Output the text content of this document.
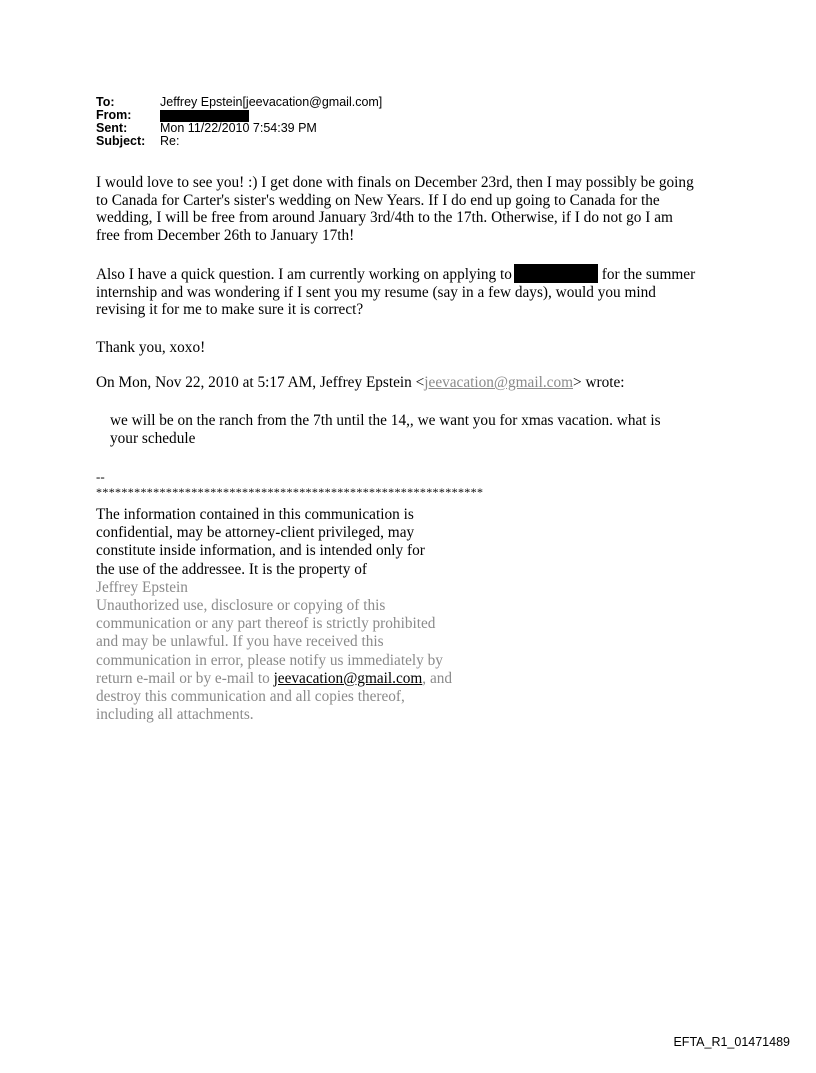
To:	Jeffrey Epstein[jeevacation@gmail.com]
From:
Sent:	Mon 11/22/2010 7:54:39 PM
Subject:	Re:

I would love to see you! :) I get done with finals on December 23rd, then I may possibly be going

to Canada for Carter's sister's wedding on New Years. If I do end up going to Canada for the

wedding, I will be free from around January 3rd/4th to the 17th. Otherwise, if I do not go I am

free from December 26th to January 17th!

Also I have a quick question. I am currently working on applying to	for the summer

internship and was wondering if I sent you my resume (say in a few days), would you mind

revising it for me to make sure it is correct?

Thank you, xoxo!

On Mon, Nov 22, 2010 at 5:17 AM, Jeffrey Epstein <jeevacation@gmail.com> wrote:

we will be on the ranch from the 7th until the 14,, we want you for xmas vacation. what is
your schedule
--
*************************************************************
The information contained in this communication is
confidential, may be attorney-client privileged, may
constitute inside information, and is intended only for
the use of the addressee. It is the property of
Jeffrey Epstein
Unauthorized use, disclosure or copying of this
communication or any part thereof is strictly prohibited
and may be unlawful. If you have received this
communication in error, please notify us immediately by
return e-mail or by e-mail to jeevacation@gmail.com, and
destroy this communication and all copies thereof,
including all attachments.
EFTA_R1_01471489
